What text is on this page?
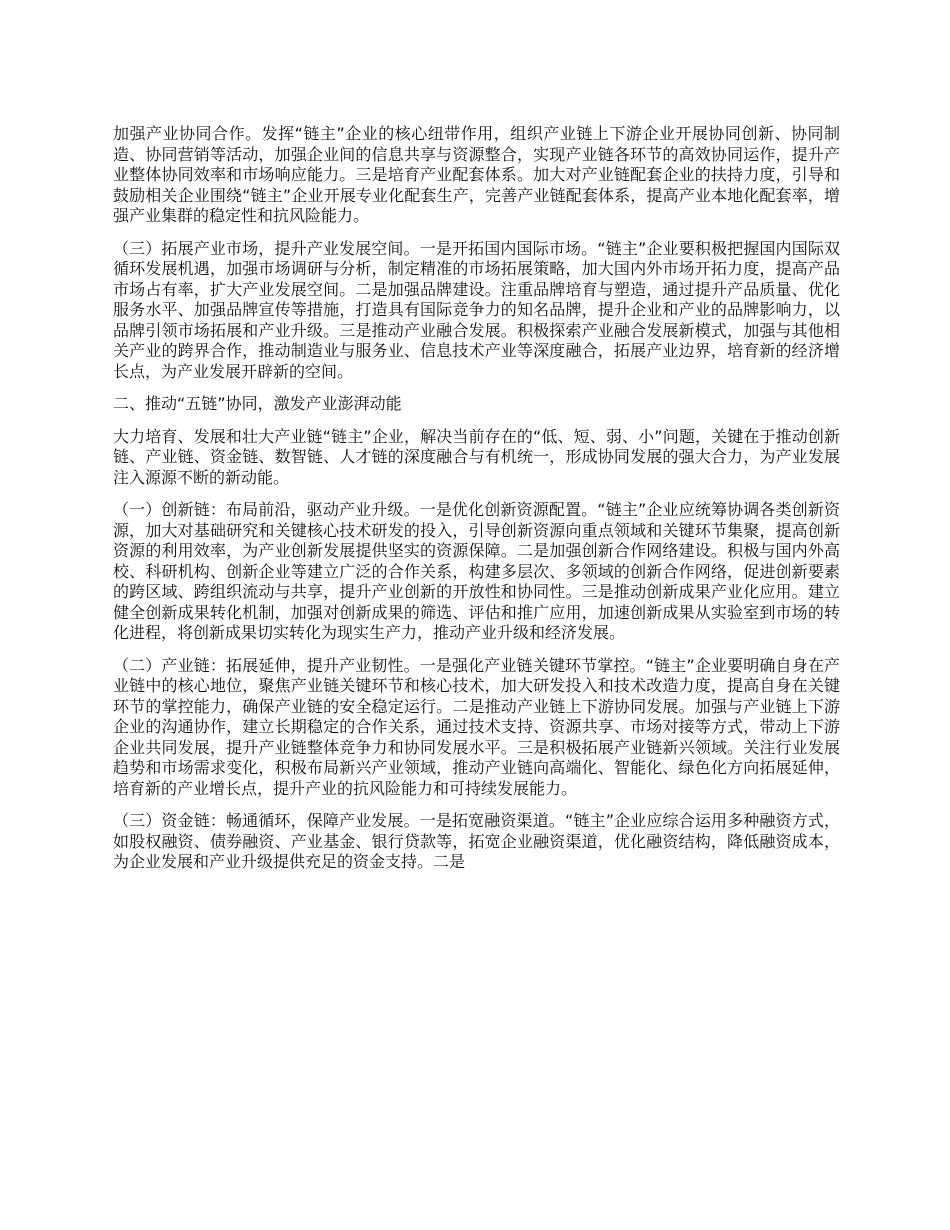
加强产业协同合作。发挥“链主”企业的核心纽带作用，组织产业链上下游企业开展协同创新、协同制造、协同营销等活动，加强企业间的信息共享与资源整合，实现产业链各环节的高效协同运作，提升产业整体协同效率和市场响应能力。三是培育产业配套体系。加大对产业链配套企业的扶持力度，引导和鼓励相关企业围绕“链主”企业开展专业化配套生产，完善产业链配套体系，提高产业本地化配套率，增强产业集群的稳定性和抗风险能力。

（三）拓展产业市场，提升产业发展空间。一是开拓国内国际市场。“链主”企业要积极把握国内国际双循环发展机遇，加强市场调研与分析，制定精准的市场拓展策略，加大国内外市场开拓力度，提高产品市场占有率，扩大产业发展空间。二是加强品牌建设。注重品牌培育与塑造，通过提升产品质量、优化服务水平、加强品牌宣传等措施，打造具有国际竞争力的知名品牌，提升企业和产业的品牌影响力，以品牌引领市场拓展和产业升级。三是推动产业融合发展。积极探索产业融合发展新模式，加强与其他相关产业的跨界合作，推动制造业与服务业、信息技术产业等深度融合，拓展产业边界，培育新的经济增长点，为产业发展开辟新的空间。

二、推动“五链”协同，激发产业澎湃动能

大力培育、发展和壮大产业链“链主”企业，解决当前存在的“低、短、弱、小”问题，关键在于推动创新链、产业链、资金链、数智链、人才链的深度融合与有机统一，形成协同发展的强大合力，为产业发展注入源源不断的新动能。

（一）创新链：布局前沿，驱动产业升级。一是优化创新资源配置。“链主”企业应统筹协调各类创新资源，加大对基础研究和关键核心技术研发的投入，引导创新资源向重点领域和关键环节集聚，提高创新资源的利用效率，为产业创新发展提供坚实的资源保障。二是加强创新合作网络建设。积极与国内外高校、科研机构、创新企业等建立广泛的合作关系，构建多层次、多领域的创新合作网络，促进创新要素的跨区域、跨组织流动与共享，提升产业创新的开放性和协同性。三是推动创新成果产业化应用。建立健全创新成果转化机制，加强对创新成果的筛选、评估和推广应用，加速创新成果从实验室到市场的转化进程，将创新成果切实转化为现实生产力，推动产业升级和经济发展。

（二）产业链：拓展延伸，提升产业韧性。一是强化产业链关键环节掌控。“链主”企业要明确自身在产业链中的核心地位，聚焦产业链关键环节和核心技术，加大研发投入和技术改造力度，提高自身在关键环节的掌控能力，确保产业链的安全稳定运行。二是推动产业链上下游协同发展。加强与产业链上下游企业的沟通协作，建立长期稳定的合作关系，通过技术支持、资源共享、市场对接等方式，带动上下游企业共同发展，提升产业链整体竞争力和协同发展水平。三是积极拓展产业链新兴领域。关注行业发展趋势和市场需求变化，积极布局新兴产业领域，推动产业链向高端化、智能化、绿色化方向拓展延伸，培育新的产业增长点，提升产业的抗风险能力和可持续发展能力。

（三）资金链：畅通循环，保障产业发展。一是拓宽融资渠道。“链主”企业应综合运用多种融资方式，如股权融资、债券融资、产业基金、银行贷款等，拓宽企业融资渠道，优化融资结构，降低融资成本，为企业发展和产业升级提供充足的资金支持。二是
